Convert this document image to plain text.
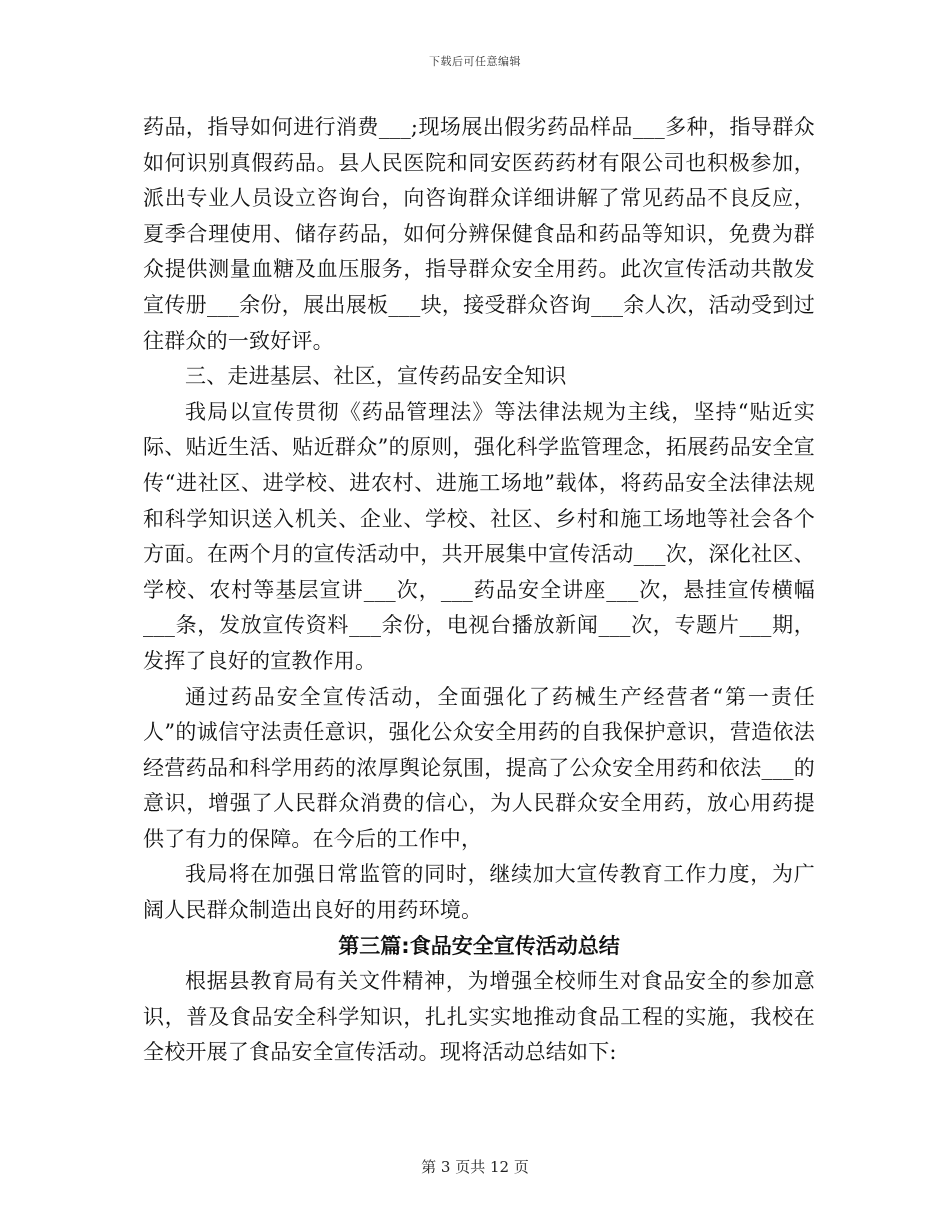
下载后可任意编辑

药品，指导如何进行消费___;现场展出假劣药品样品___多种，指导群众如何识别真假药品。县人民医院和同安医药药材有限公司也积极参加，派出专业人员设立咨询台，向咨询群众详细讲解了常见药品不良反应，夏季合理使用、储存药品，如何分辨保健食品和药品等知识，免费为群众提供测量血糖及血压服务，指导群众安全用药。此次宣传活动共散发宣传册___余份，展出展板___块，接受群众咨询___余人次，活动受到过往群众的一致好评。

三、走进基层、社区，宣传药品安全知识

我局以宣传贯彻《药品管理法》等法律法规为主线，坚持“贴近实际、贴近生活、贴近群众”的原则，强化科学监管理念，拓展药品安全宣传“进社区、进学校、进农村、进施工场地”载体，将药品安全法律法规和科学知识送入机关、企业、学校、社区、乡村和施工场地等社会各个方面。在两个月的宣传活动中，共开展集中宣传活动___次，深化社区、学校、农村等基层宣讲___次，___药品安全讲座___次，悬挂宣传横幅___条，发放宣传资料___余份，电视台播放新闻___次，专题片___期，发挥了良好的宣教作用。

通过药品安全宣传活动，全面强化了药械生产经营者“第一责任人”的诚信守法责任意识，强化公众安全用药的自我保护意识，营造依法经营药品和科学用药的浓厚舆论氛围，提高了公众安全用药和依法___的意识，增强了人民群众消费的信心，为人民群众安全用药，放心用药提供了有力的保障。在今后的工作中，

我局将在加强日常监管的同时，继续加大宣传教育工作力度，为广阔人民群众制造出良好的用药环境。

第三篇:食品安全宣传活动总结

根据县教育局有关文件精神，为增强全校师生对食品安全的参加意识，普及食品安全科学知识，扎扎实实地推动食品工程的实施，我校在全校开展了食品安全宣传活动。现将活动总结如下:

第 3 页共 12 页
